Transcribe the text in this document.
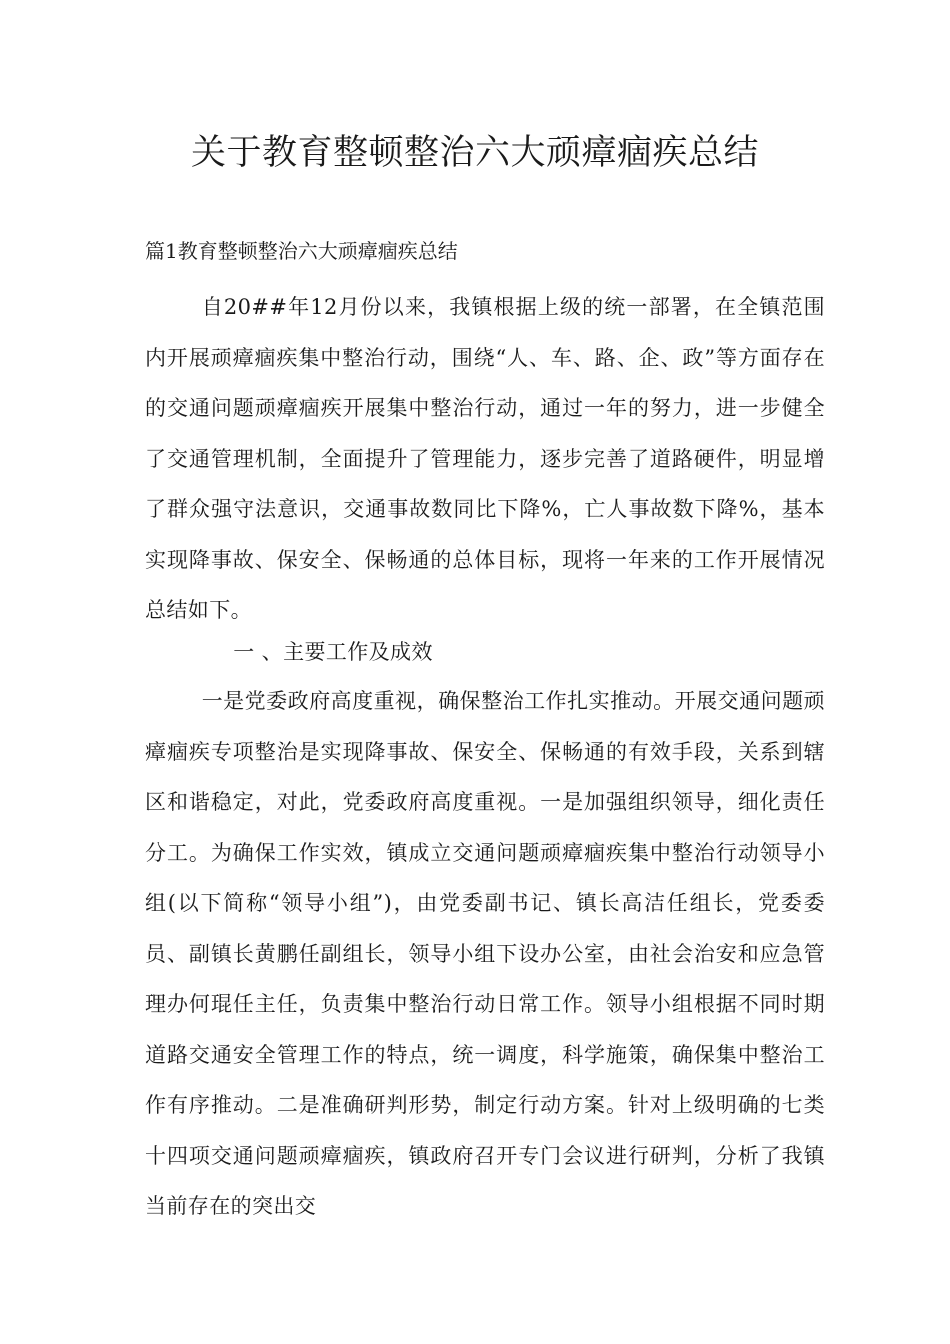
关于教育整顿整治六大顽瘴痼疾总结
篇1教育整顿整治六大顽瘴痼疾总结

自20##年12月份以来，我镇根据上级的统一部署，在全镇范围内开展顽瘴痼疾集中整治行动，围绕“人、车、路、企、政”等方面存在的交通问题顽瘴痼疾开展集中整治行动，通过一年的努力，进一步健全了交通管理机制，全面提升了管理能力，逐步完善了道路硬件，明显增了群众强守法意识，交通事故数同比下降%，亡人事故数下降%，基本实现降事故、保安全、保畅通的总体目标，现将一年来的工作开展情况总结如下。

一 、主要工作及成效

一是党委政府高度重视，确保整治工作扎实推动。开展交通问题顽瘴痼疾专项整治是实现降事故、保安全、保畅通的有效手段，关系到辖区和谐稳定，对此，党委政府高度重视。一是加强组织领导，细化责任分工。为确保工作实效，镇成立交通问题顽瘴痼疾集中整治行动领导小组(以下简称“领导小组”)，由党委副书记、镇长高洁任组长，党委委员、副镇长黄鹏任副组长，领导小组下设办公室，由社会治安和应急管理办何琨任主任，负责集中整治行动日常工作。领导小组根据不同时期道路交通安全管理工作的特点，统一调度，科学施策，确保集中整治工作有序推动。二是准确研判形势，制定行动方案。针对上级明确的七类十四项交通问题顽瘴痼疾，镇政府召开专门会议进行研判，分析了我镇当前存在的突出交
